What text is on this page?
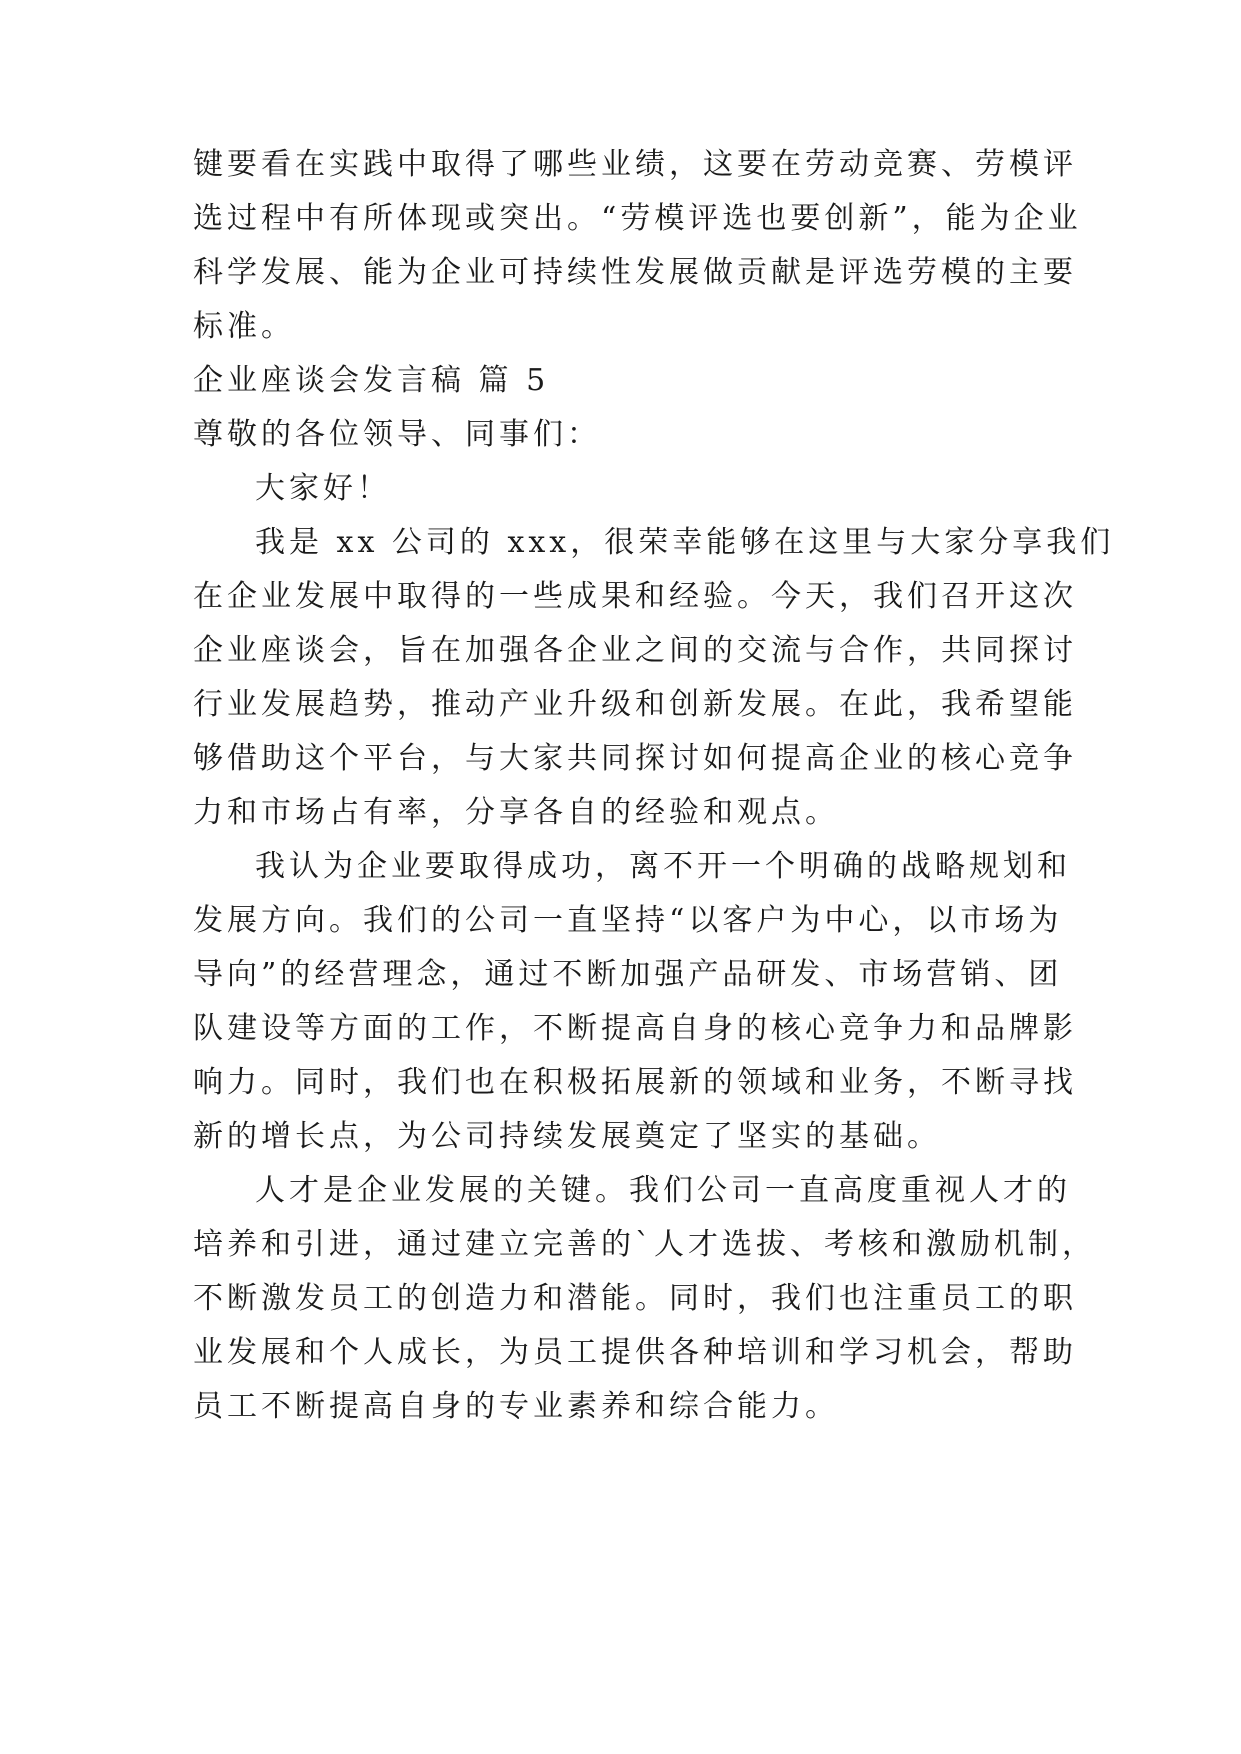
键要看在实践中取得了哪些业绩，这要在劳动竞赛、劳模评
选过程中有所体现或突出。“劳模评选也要创新”，能为企业
科学发展、能为企业可持续性发展做贡献是评选劳模的主要
标准。
企业座谈会发言稿 篇 5
尊敬的各位领导、同事们：
大家好！
我是 xx 公司的 xxx，很荣幸能够在这里与大家分享我们
在企业发展中取得的一些成果和经验。今天，我们召开这次
企业座谈会，旨在加强各企业之间的交流与合作，共同探讨
行业发展趋势，推动产业升级和创新发展。在此，我希望能
够借助这个平台，与大家共同探讨如何提高企业的核心竞争
力和市场占有率，分享各自的经验和观点。
我认为企业要取得成功，离不开一个明确的战略规划和
发展方向。我们的公司一直坚持“以客户为中心，以市场为
导向”的经营理念，通过不断加强产品研发、市场营销、团
队建设等方面的工作，不断提高自身的核心竞争力和品牌影
响力。同时，我们也在积极拓展新的领域和业务，不断寻找
新的增长点，为公司持续发展奠定了坚实的基础。
人才是企业发展的关键。我们公司一直高度重视人才的
培养和引进，通过建立完善的`人才选拔、考核和激励机制，
不断激发员工的创造力和潜能。同时，我们也注重员工的职
业发展和个人成长，为员工提供各种培训和学习机会，帮助
员工不断提高自身的专业素养和综合能力。
